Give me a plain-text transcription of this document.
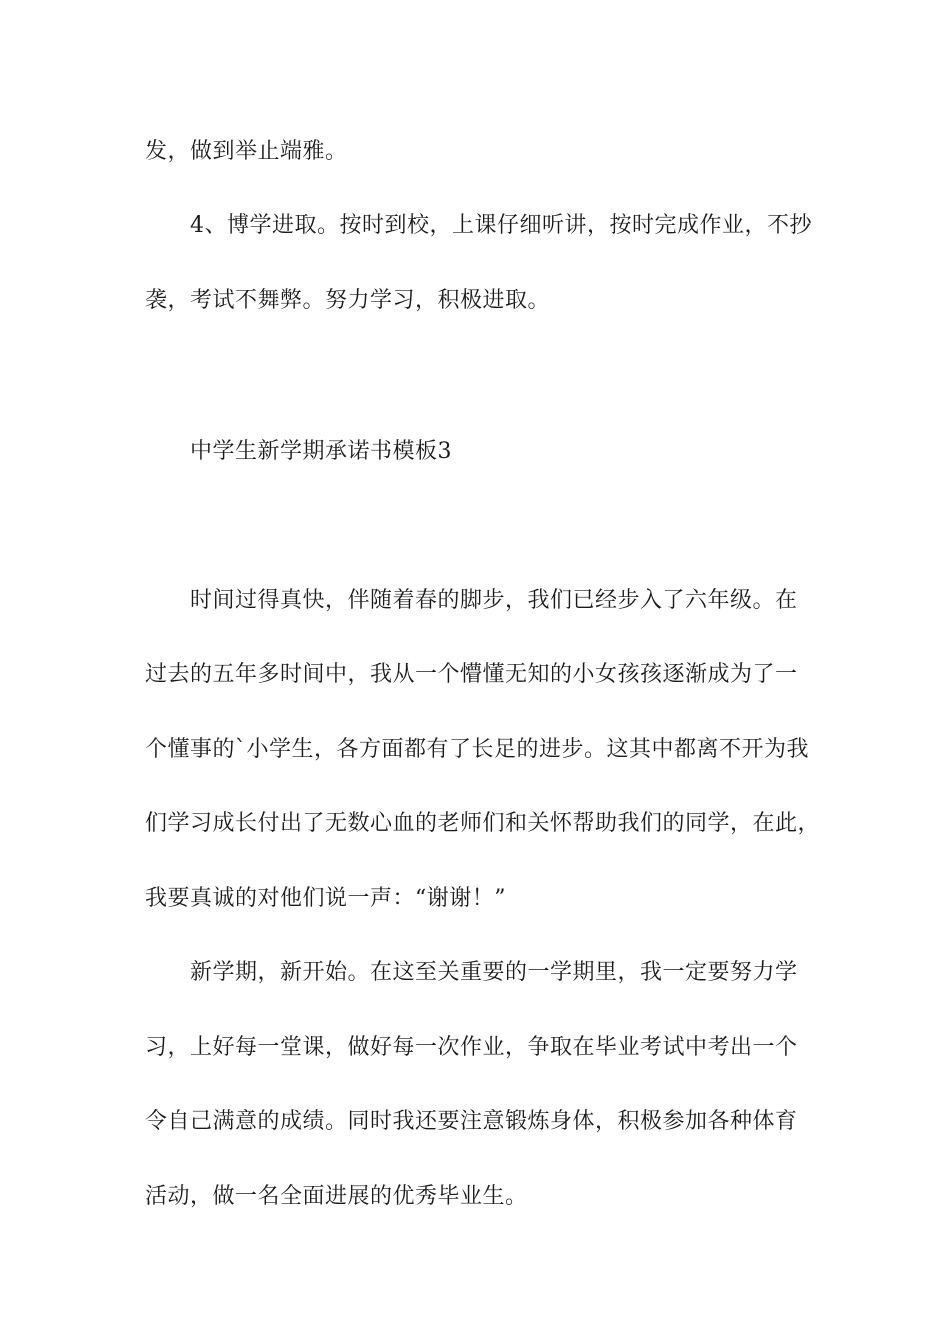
发，做到举止端雅。

4、博学进取。按时到校，上课仔细听讲，按时完成作业，不抄

袭，考试不舞弊。努力学习，积极进取。

中学生新学期承诺书模板3

时间过得真快，伴随着春的脚步，我们已经步入了六年级。在

过去的五年多时间中，我从一个懵懂无知的小女孩孩逐渐成为了一

个懂事的`小学生，各方面都有了长足的进步。这其中都离不开为我

们学习成长付出了无数心血的老师们和关怀帮助我们的同学，在此，

我要真诚的对他们说一声：“谢谢！”

新学期，新开始。在这至关重要的一学期里，我一定要努力学

习，上好每一堂课，做好每一次作业，争取在毕业考试中考出一个

令自己满意的成绩。同时我还要注意锻炼身体，积极参加各种体育

活动，做一名全面进展的优秀毕业生。
